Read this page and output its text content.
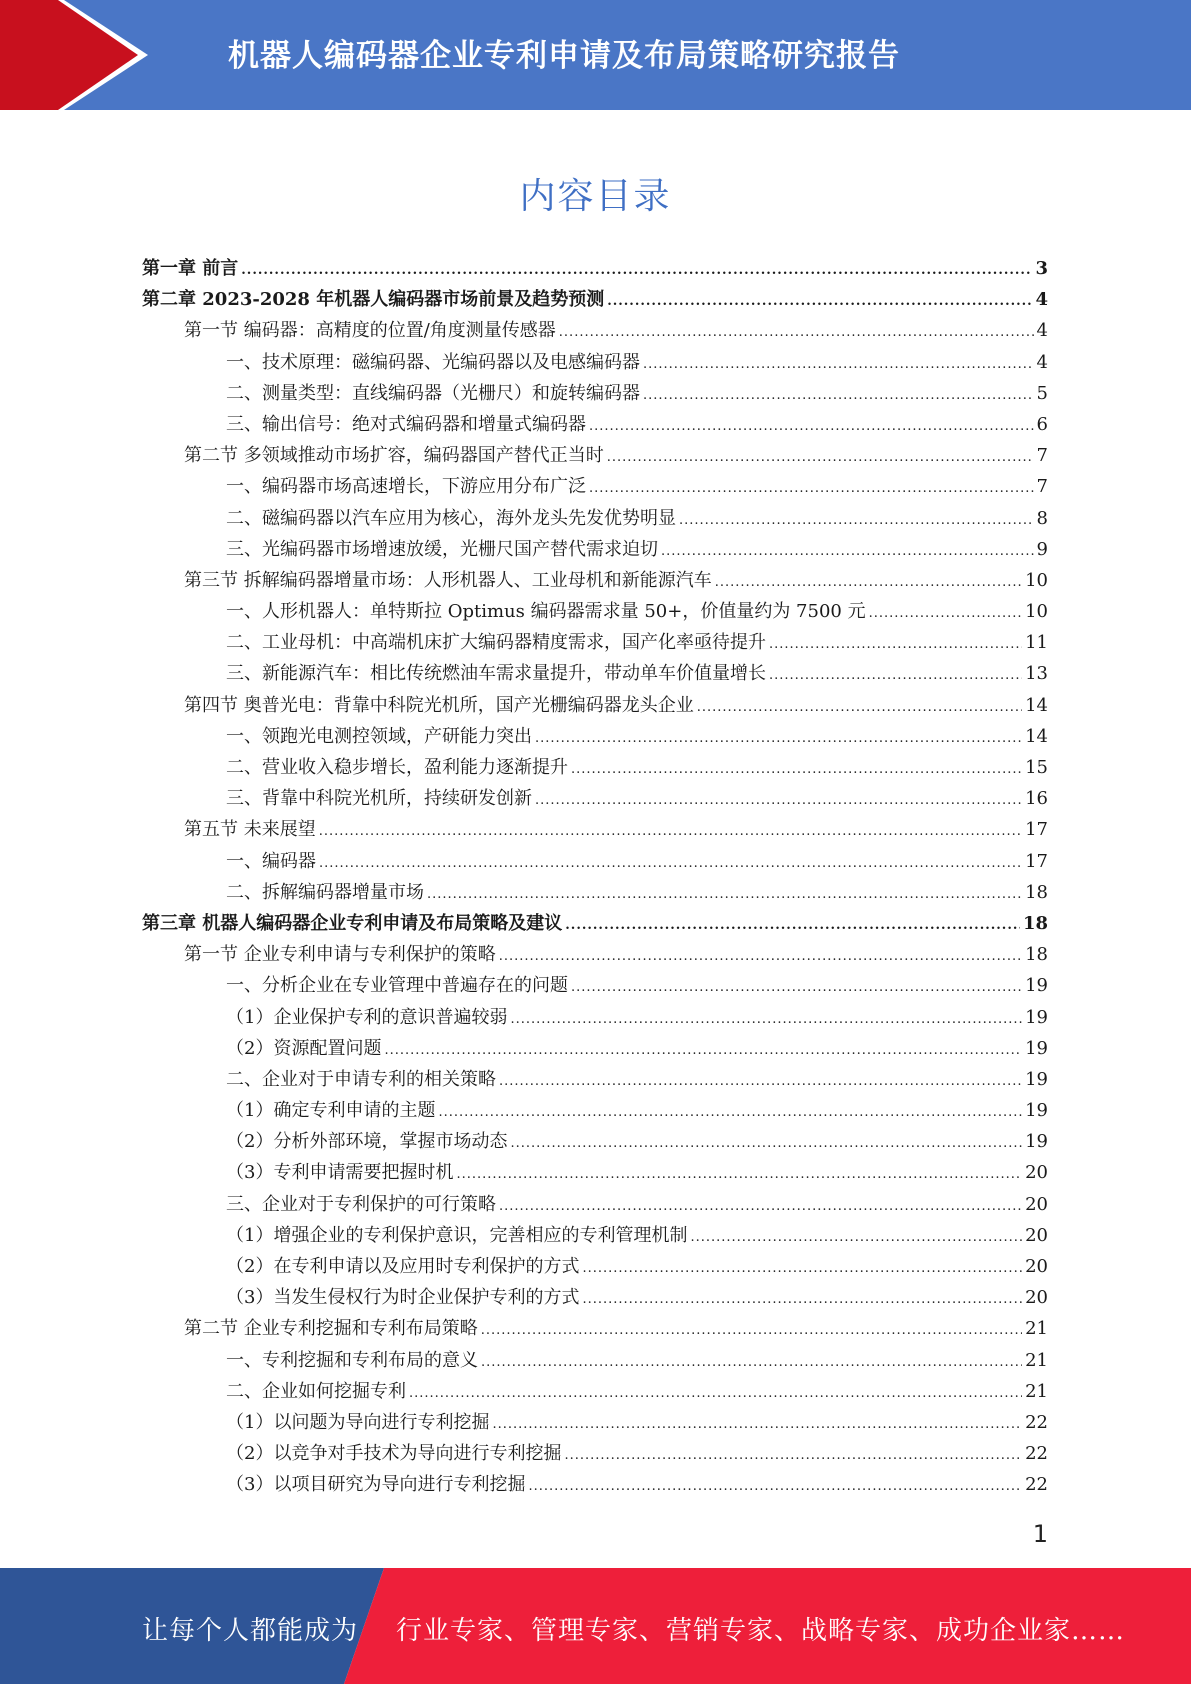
机器人编码器企业专利申请及布局策略研究报告
内容目录
第一章 前言 .....	3
第二章 2023-2028 年机器人编码器市场前景及趋势预测 .....	4
第一节 编码器：高精度的位置/角度测量传感器 .....	4
一、技术原理：磁编码器、光编码器以及电感编码器 .....	4
二、测量类型：直线编码器（光栅尺）和旋转编码器 .....	5
三、输出信号：绝对式编码器和增量式编码器 .....	6
第二节 多领域推动市场扩容，编码器国产替代正当时 .....	7
一、编码器市场高速增长，下游应用分布广泛 .....	7
二、磁编码器以汽车应用为核心，海外龙头先发优势明显 .....	8
三、光编码器市场增速放缓，光栅尺国产替代需求迫切 .....	9
第三节 拆解编码器增量市场：人形机器人、工业母机和新能源汽车 .....	10
一、人形机器人：单特斯拉 Optimus 编码器需求量 50+，价值量约为 7500 元 .....	10
二、工业母机：中高端机床扩大编码器精度需求，国产化率亟待提升 .....	11
三、新能源汽车：相比传统燃油车需求量提升，带动单车价值量增长 .....	13
第四节 奥普光电：背靠中科院光机所，国产光栅编码器龙头企业 .....	14
一、领跑光电测控领域，产研能力突出 .....	14
二、营业收入稳步增长，盈利能力逐渐提升 .....	15
三、背靠中科院光机所，持续研发创新 .....	16
第五节 未来展望 .....	17
一、编码器 .....	17
二、拆解编码器增量市场 .....	18
第三章 机器人编码器企业专利申请及布局策略及建议 .....	18
第一节 企业专利申请与专利保护的策略 .....	18
一、分析企业在专业管理中普遍存在的问题 .....	19
（1）企业保护专利的意识普遍较弱 .....	19
（2）资源配置问题 .....	19
二、企业对于申请专利的相关策略 .....	19
（1）确定专利申请的主题 .....	19
（2）分析外部环境，掌握市场动态 .....	19
（3）专利申请需要把握时机 .....	20
三、企业对于专利保护的可行策略 .....	20
（1）增强企业的专利保护意识，完善相应的专利管理机制 .....	20
（2）在专利申请以及应用时专利保护的方式 .....	20
（3）当发生侵权行为时企业保护专利的方式 .....	20
第二节 企业专利挖掘和专利布局策略 .....	21
一、专利挖掘和专利布局的意义 .....	21
二、企业如何挖掘专利 .....	21
（1）以问题为导向进行专利挖掘 .....	22
（2）以竞争对手技术为导向进行专利挖掘 .....	22
（3）以项目研究为导向进行专利挖掘 .....	22
1
让每个人都能成为 行业专家、管理专家、营销专家、战略专家、成功企业家……
